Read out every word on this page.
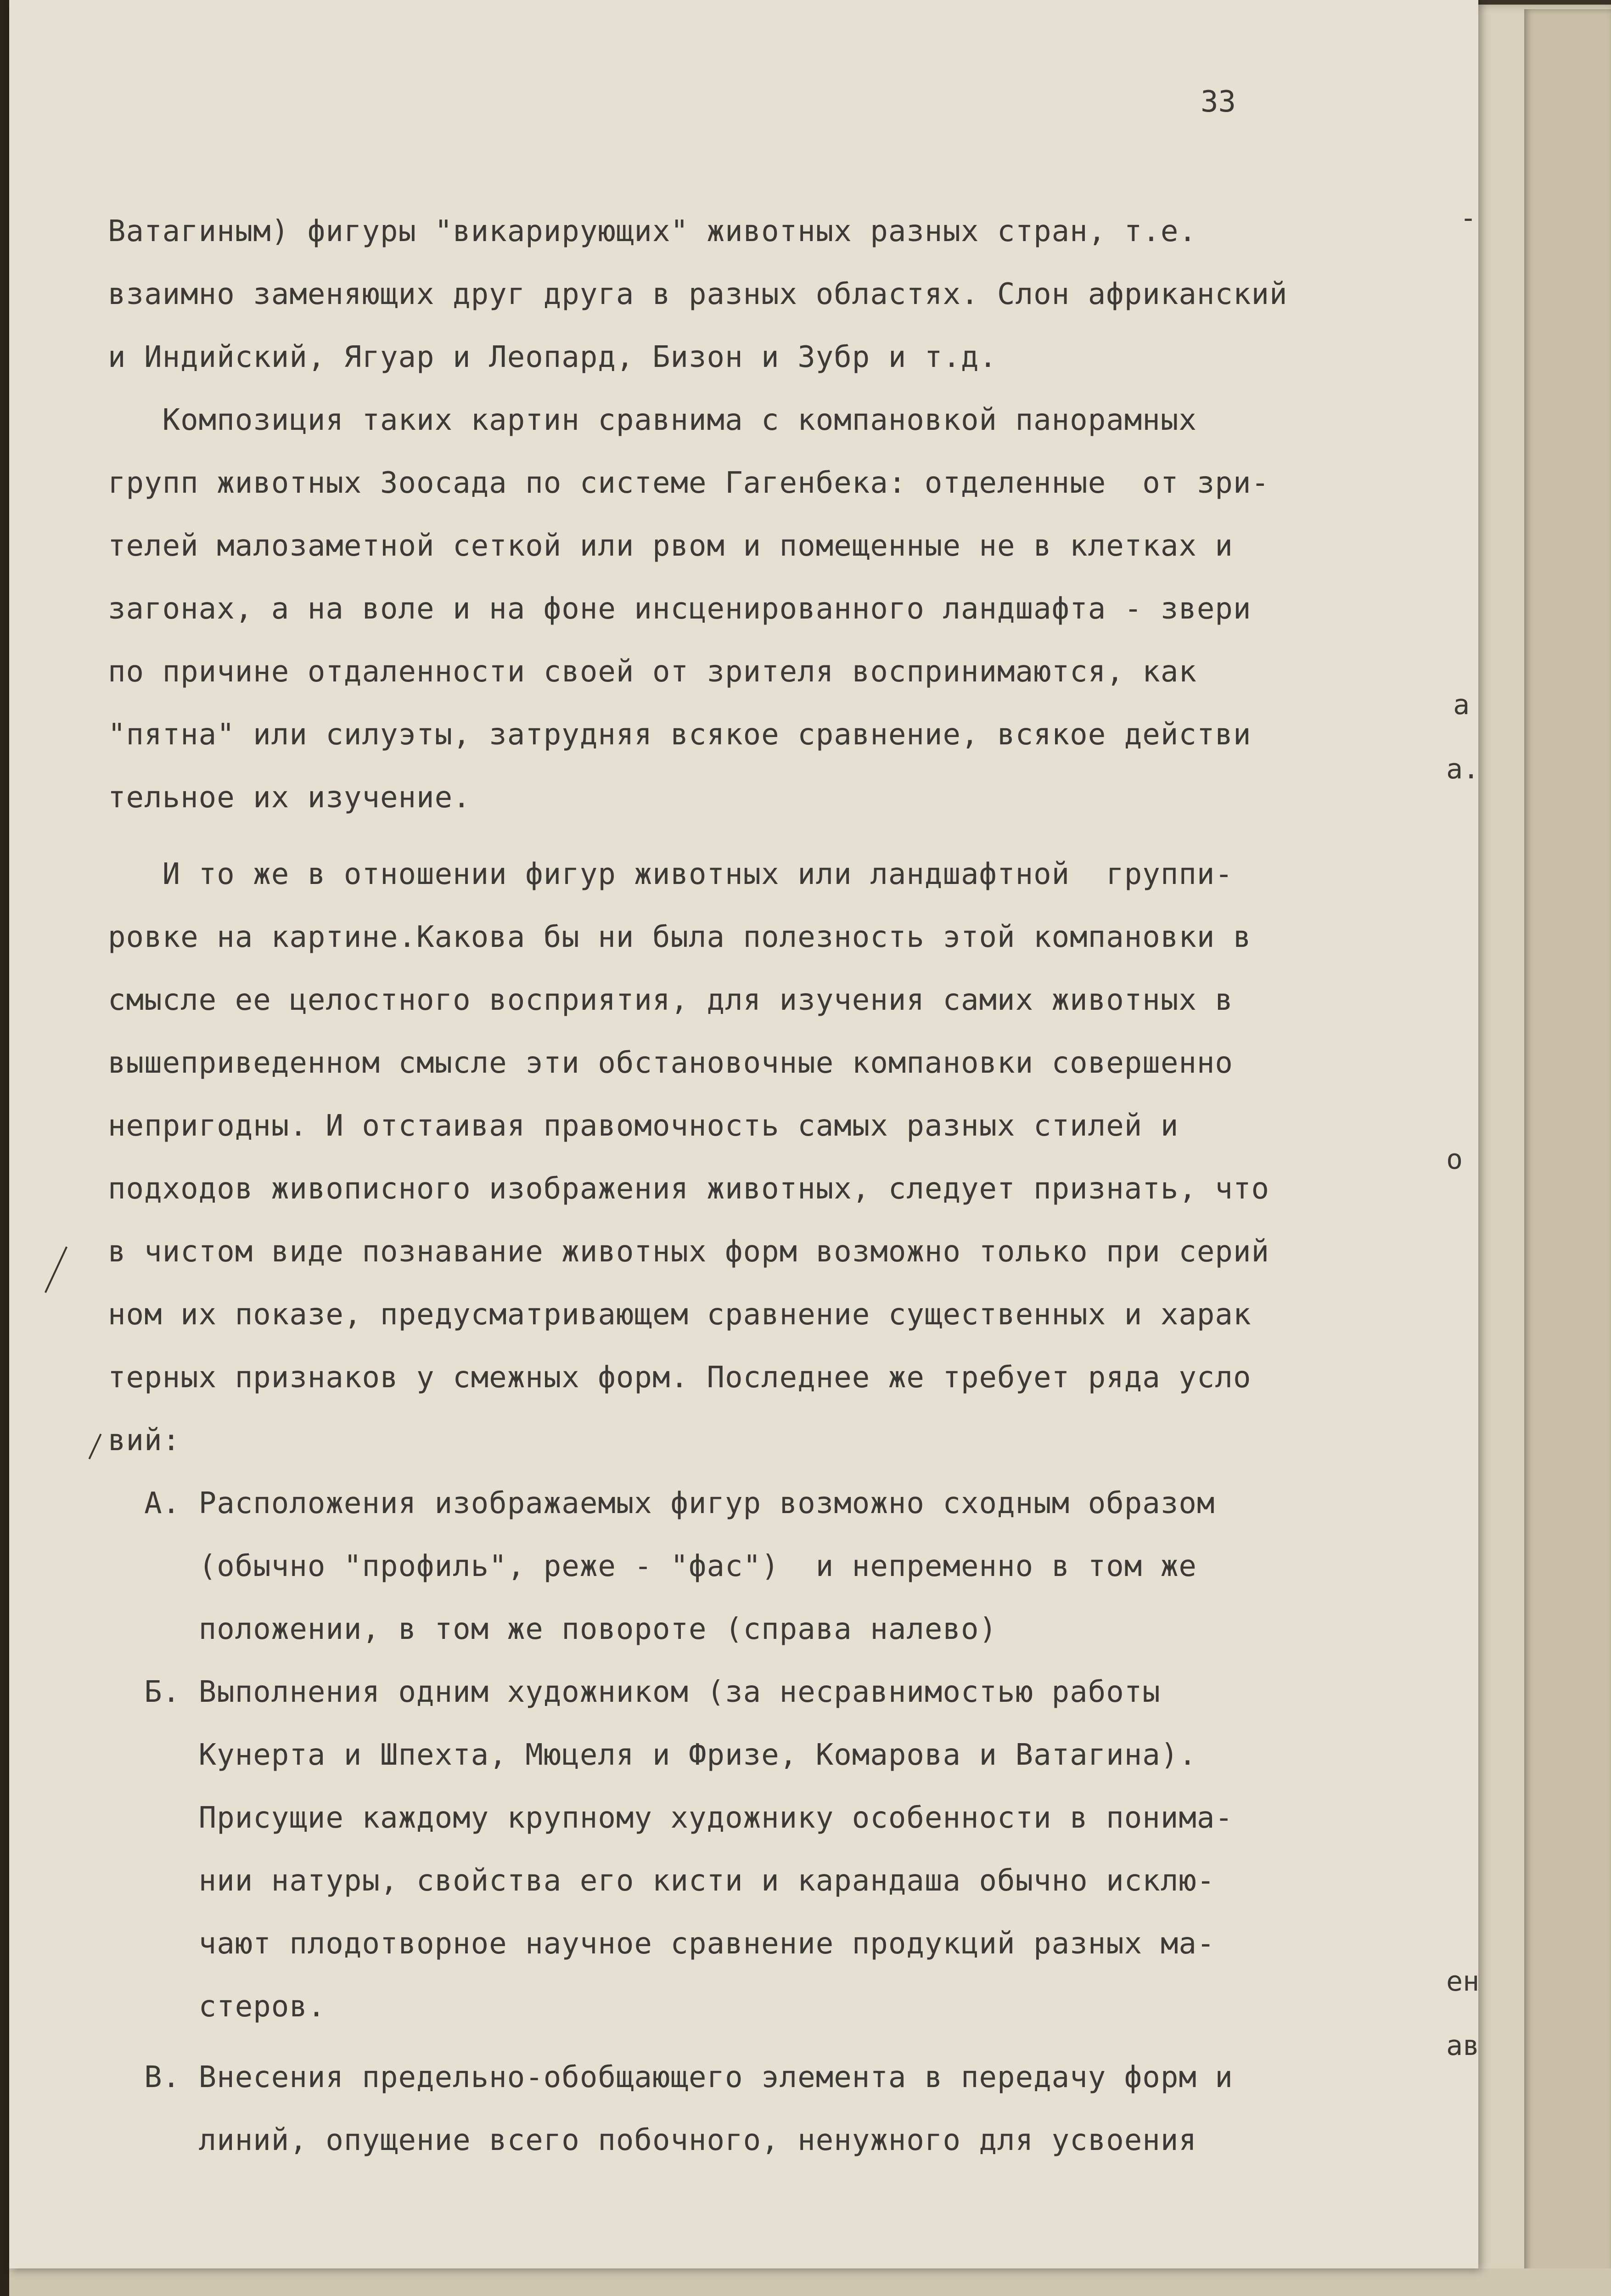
33
Ватагиным) фигуры "викарирующих" животных разных стран, т.е.
взаимно заменяющих друг друга в разных областях. Слон африканский
и Индийский, Ягуар и Леопард, Бизон и Зубр и т.д.
Композиция таких картин сравнима с компановкой панорамных
групп животных Зоосада по системе Гагенбека: отделенные  от зри-
телей малозаметной сеткой или рвом и помещенные не в клетках и
загонах, а на воле и на фоне инсценированного ландшафта - звери
по причине отдаленности своей от зрителя воспринимаются, как
"пятна" или силуэты, затрудняя всякое сравнение, всякое действи
тельное их изучение.
И то же в отношении фигур животных или ландшафтной  группи-
ровке на картине.Какова бы ни была полезность этой компановки в
смысле ее целостного восприятия, для изучения самих животных в
вышеприведенном смысле эти обстановочные компановки совершенно
непригодны. И отстаивая правомочность самых разных стилей и
подходов живописного изображения животных, следует признать, что
в чистом виде познавание животных форм возможно только при серий
ном их показе, предусматривающем сравнение существенных и харак
терных признаков у смежных форм. Последнее же требует ряда усло
вий:
А. Расположения изображаемых фигур возможно сходным образом
(обычно "профиль", реже - "фас")  и непременно в том же
положении, в том же повороте (справа налево)
Б. Выполнения одним художником (за несравнимостью работы
Кунерта и Шпехта, Мюцеля и Фризе, Комарова и Ватагина).
Присущие каждому крупному художнику особенности в понима-
нии натуры, свойства его кисти и карандаша обычно исклю-
чают плодотворное научное сравнение продукций разных ма-
стеров.
В. Внесения предельно-обобщающего элемента в передачу форм и
линий, опущение всего побочного, ненужного для усвоения
-
а
а.
о
ен
ав
